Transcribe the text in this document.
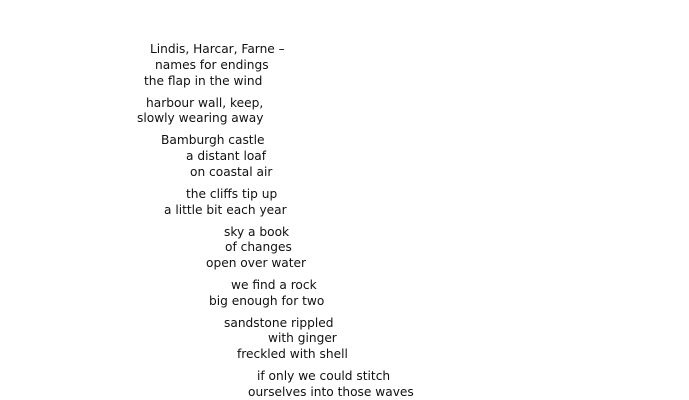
Lindis, Harcar, Farne –
names for endings
the flap in the wind
harbour wall, keep,
slowly wearing away
Bamburgh castle
a distant loaf
on coastal air
the cliffs tip up
a little bit each year
sky a book
of changes
open over water
we find a rock
big enough for two
sandstone rippled
with ginger
freckled with shell
if only we could stitch
ourselves into those waves
